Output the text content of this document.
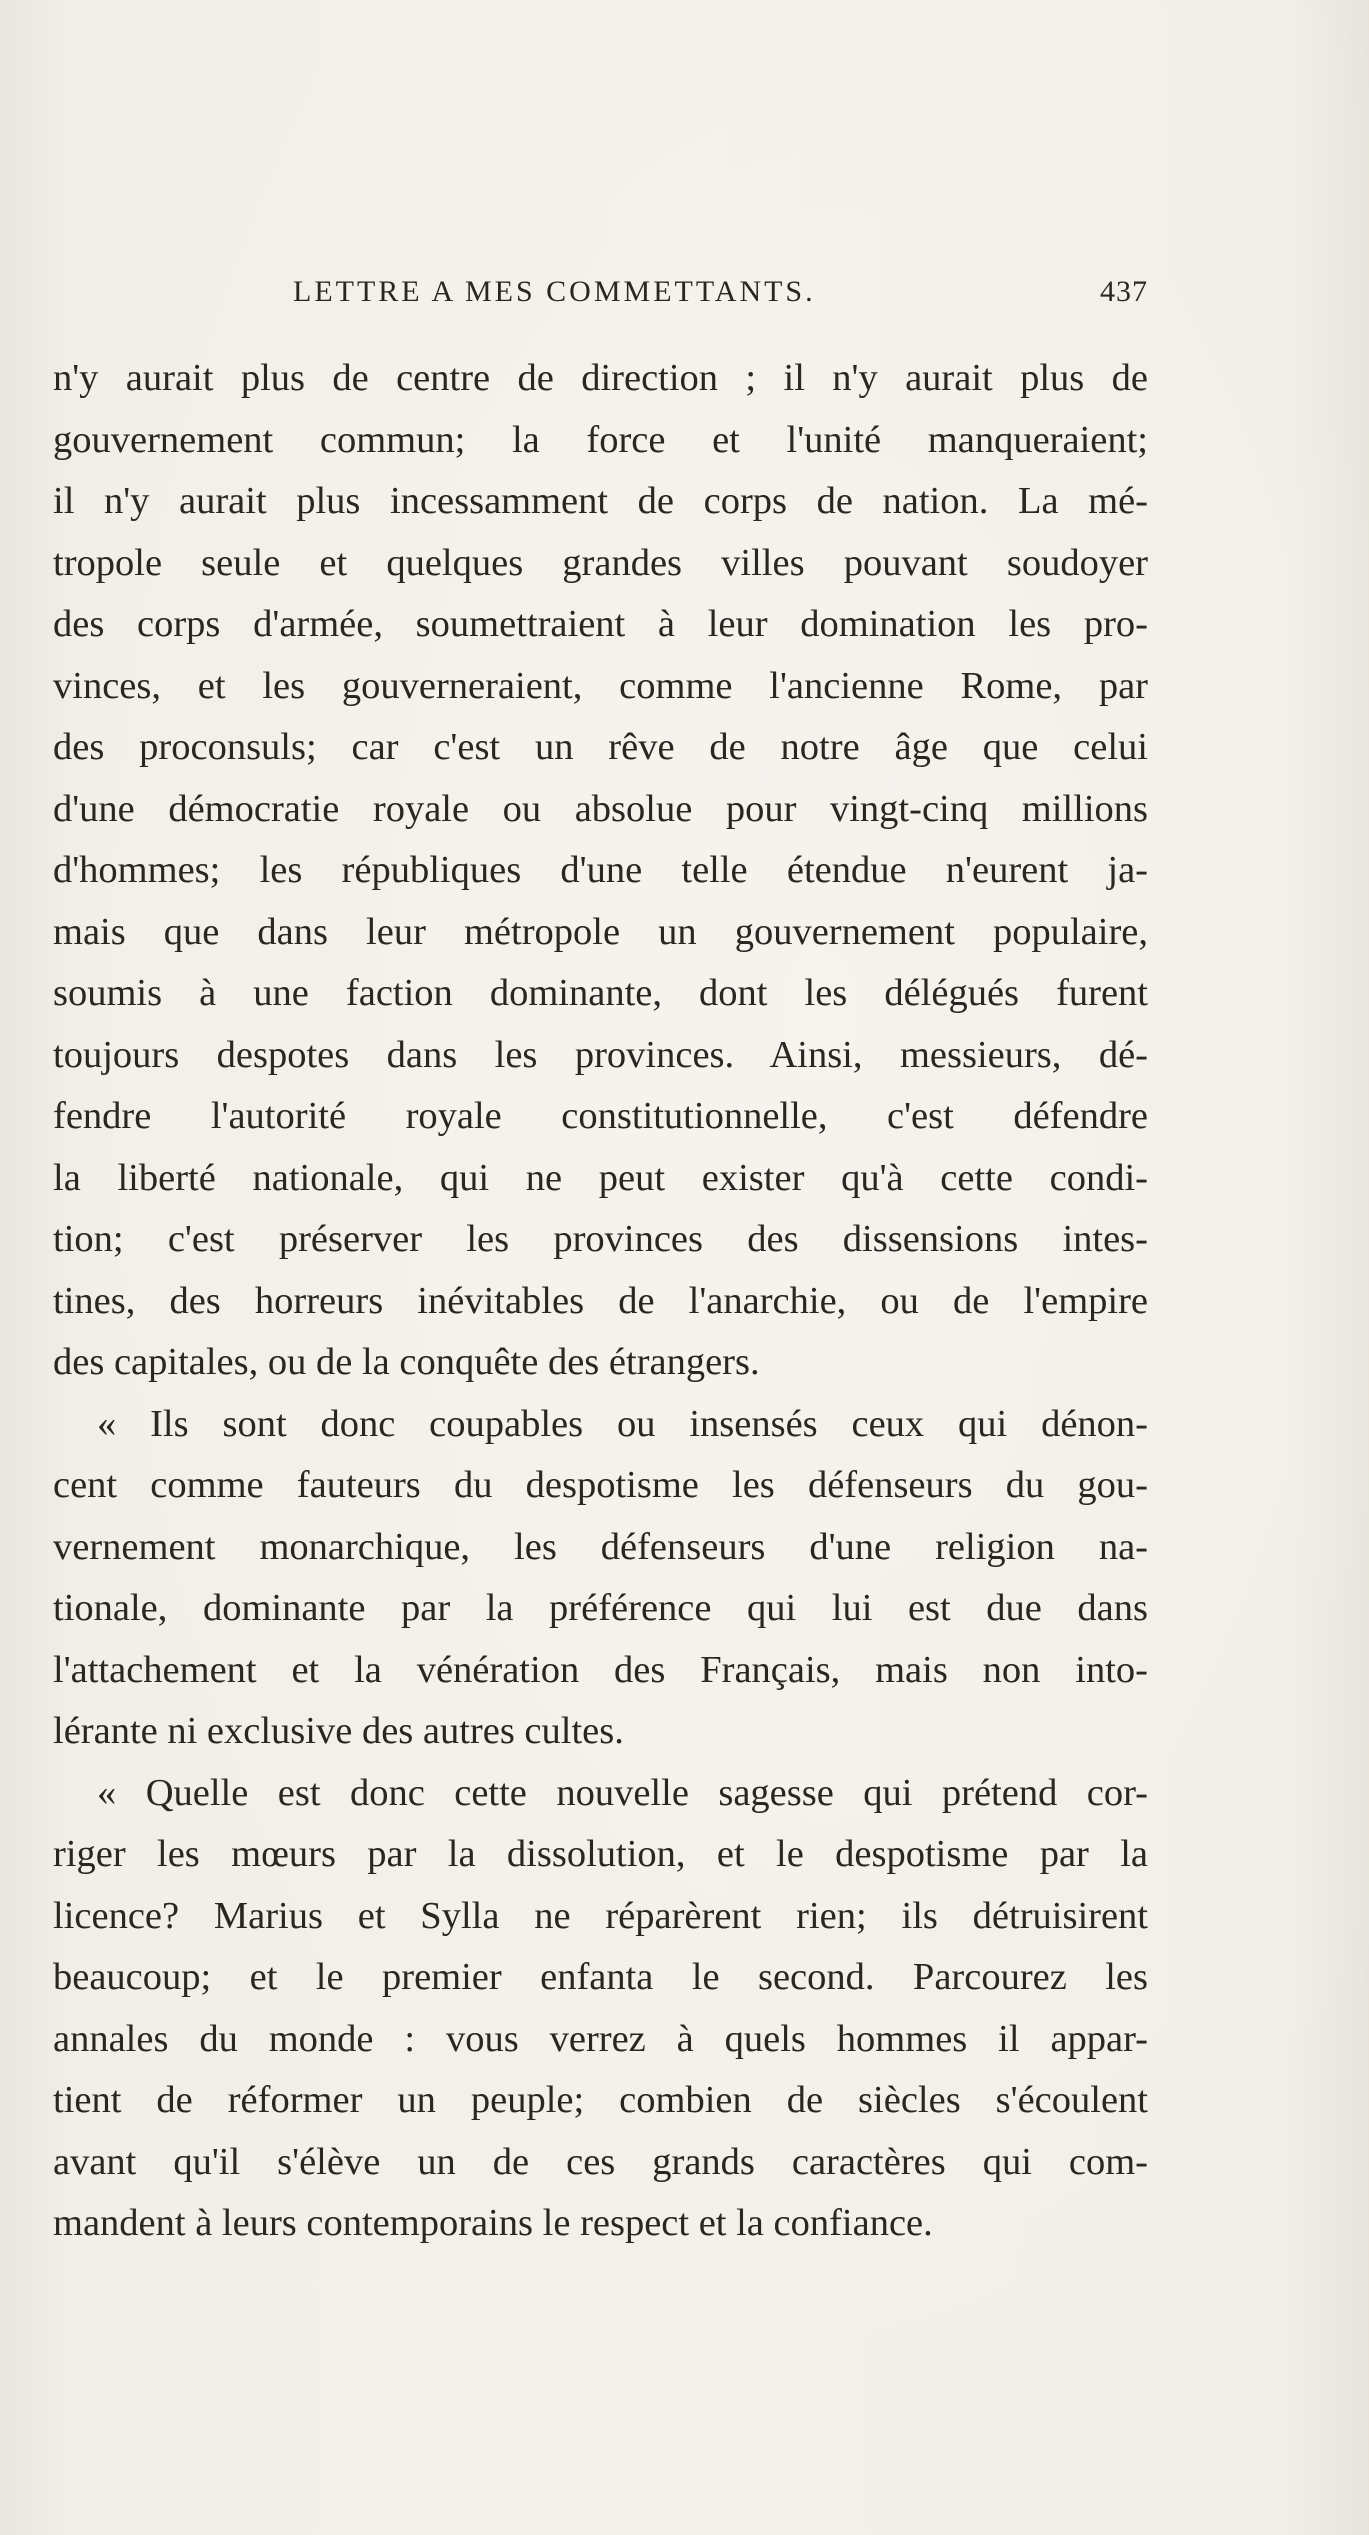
LETTRE A MES COMMETTANTS.	437
n'y aurait plus de centre de direction ; il n'y aurait plus de
gouvernement commun; la force et l'unité manqueraient;
il n'y aurait plus incessamment de corps de nation. La mé-
tropole seule et quelques grandes villes pouvant soudoyer
des corps d'armée, soumettraient à leur domination les pro-
vinces, et les gouverneraient, comme l'ancienne Rome, par
des proconsuls; car c'est un rêve de notre âge que celui
d'une démocratie royale ou absolue pour vingt-cinq millions
d'hommes; les républiques d'une telle étendue n'eurent ja-
mais que dans leur métropole un gouvernement populaire,
soumis à une faction dominante, dont les délégués furent
toujours despotes dans les provinces. Ainsi, messieurs, dé-
fendre l'autorité royale constitutionnelle, c'est défendre
la liberté nationale, qui ne peut exister qu'à cette condi-
tion; c'est préserver les provinces des dissensions intes-
tines, des horreurs inévitables de l'anarchie, ou de l'empire
des capitales, ou de la conquête des étrangers.
« Ils sont donc coupables ou insensés ceux qui dénon-
cent comme fauteurs du despotisme les défenseurs du gou-
vernement monarchique, les défenseurs d'une religion na-
tionale, dominante par la préférence qui lui est due dans
l'attachement et la vénération des Français, mais non into-
lérante ni exclusive des autres cultes.
« Quelle est donc cette nouvelle sagesse qui prétend cor-
riger les mœurs par la dissolution, et le despotisme par la
licence? Marius et Sylla ne réparèrent rien; ils détruisirent
beaucoup; et le premier enfanta le second. Parcourez les
annales du monde : vous verrez à quels hommes il appar-
tient de réformer un peuple; combien de siècles s'écoulent
avant qu'il s'élève un de ces grands caractères qui com-
mandent à leurs contemporains le respect et la confiance.
